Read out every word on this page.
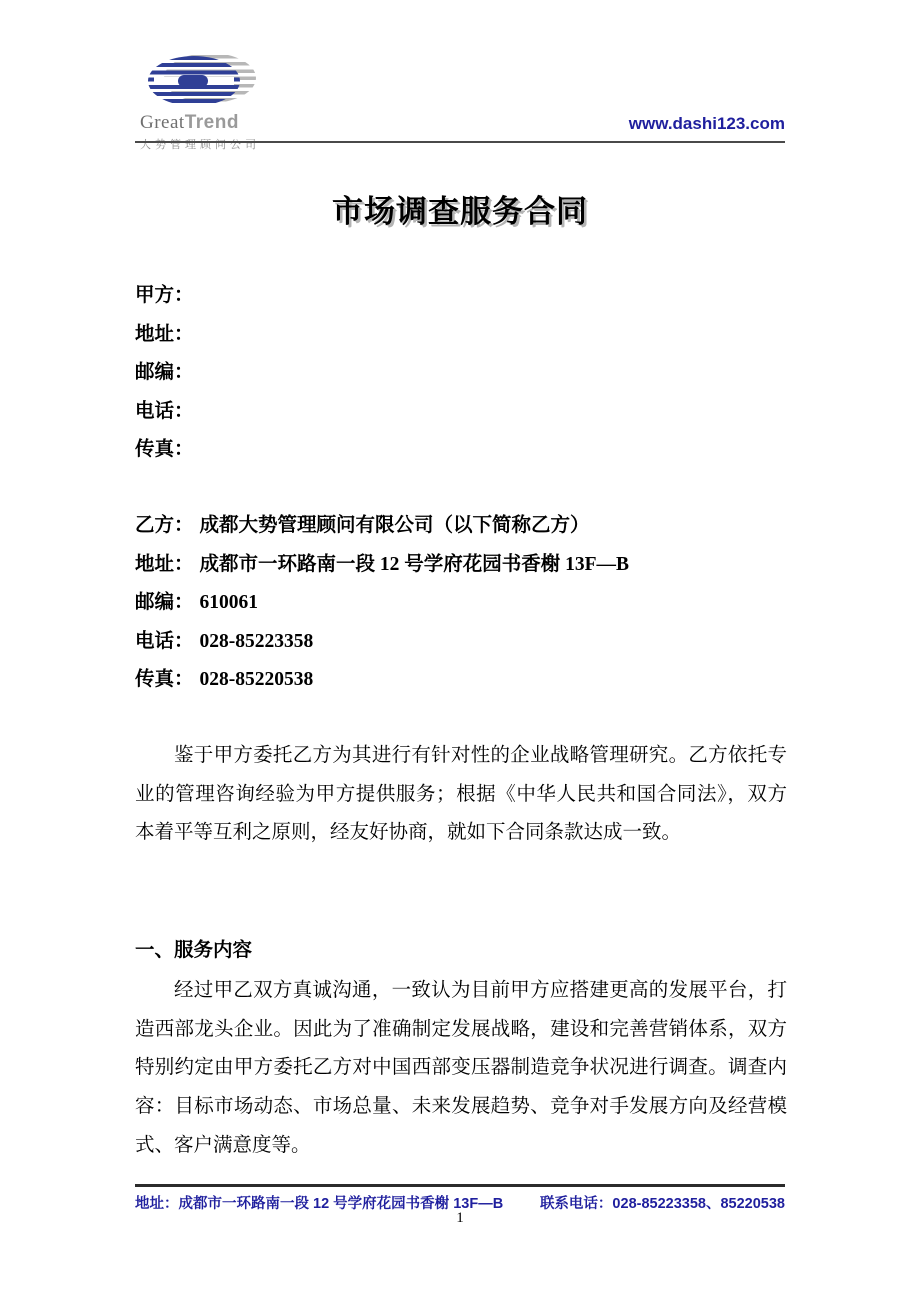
GreatTrend
大势管理顾问公司
www.dashi123.com
市场调查服务合同
甲方：
地址：
邮编：
电话：
传真：
乙方： 成都大势管理顾问有限公司（以下简称乙方）
地址： 成都市一环路南一段 12 号学府花园书香榭 13F—B
邮编： 610061
电话： 028-85223358
传真： 028-85220538

鉴于甲方委托乙方为其进行有针对性的企业战略管理研究。乙方依托专业的管理咨询经验为甲方提供服务；根据《中华人民共和国合同法》，双方本着平等互利之原则，经友好协商，就如下合同条款达成一致。

一、服务内容

经过甲乙双方真诚沟通，一致认为目前甲方应搭建更高的发展平台，打造西部龙头企业。因此为了准确制定发展战略，建设和完善营销体系，双方特别约定由甲方委托乙方对中国西部变压器制造竞争状况进行调查。调查内容：目标市场动态、市场总量、未来发展趋势、竞争对手发展方向及经营模式、客户满意度等。

地址：成都市一环路南一段 12 号学府花园书香榭 13F—B	联系电话：028-85223358、85220538
1
